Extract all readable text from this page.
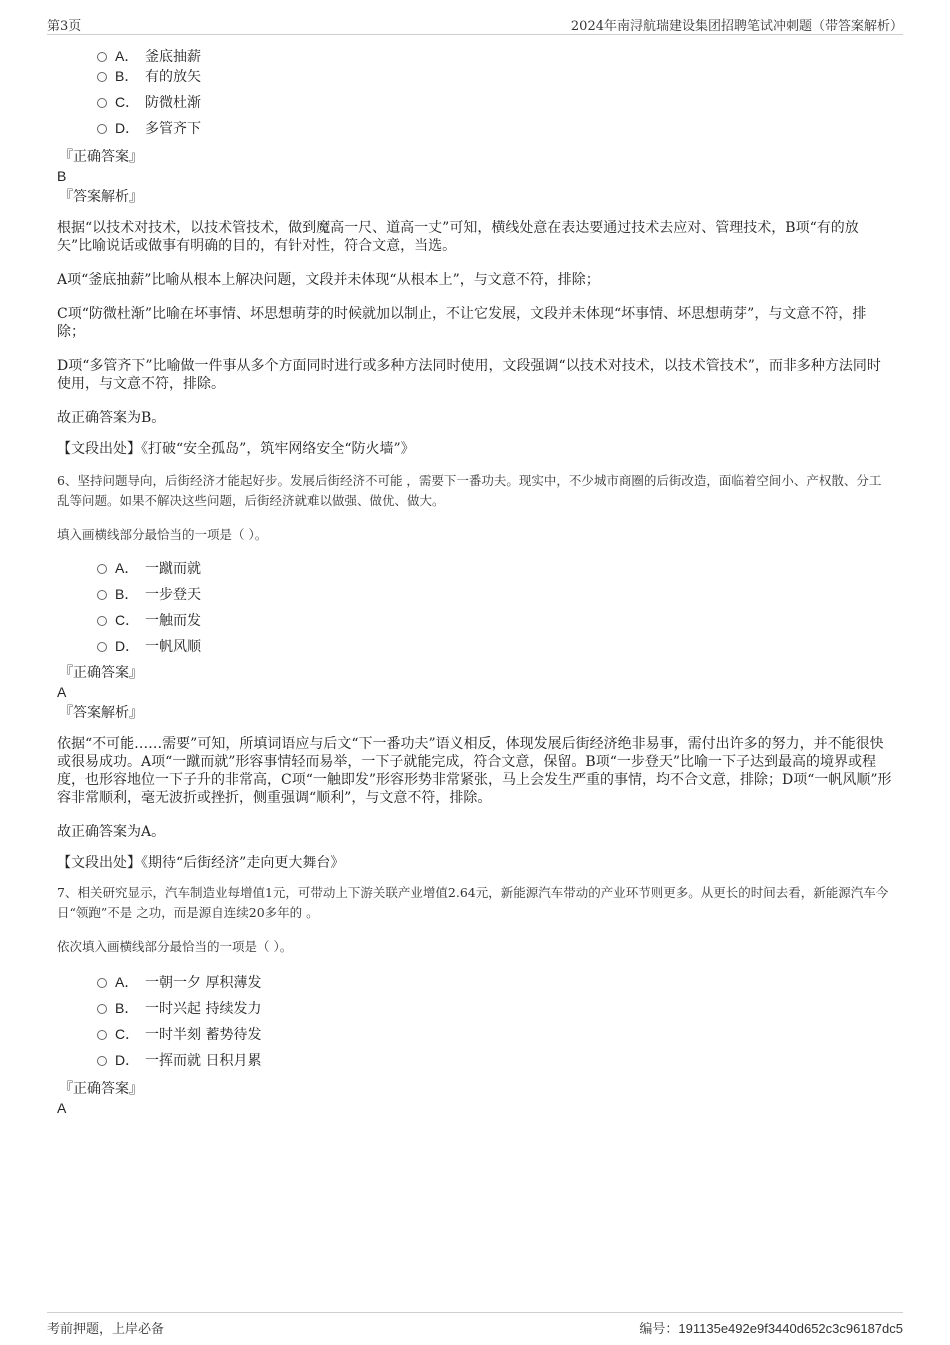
第3页	2024年南浔航瑞建设集团招聘笔试冲刺题（带答案解析）
A． 釜底抽薪
B． 有的放矢
C． 防微杜渐
D． 多管齐下
『正确答案』
B
『答案解析』

根据“以技术对技术，以技术管技术，做到魔高一尺、道高一丈”可知，横线处意在表达要通过技术去应对、管理技术，B项“有的放矢”比喻说话或做事有明确的目的，有针对性，符合文意，当选。

A项“釜底抽薪”比喻从根本上解决问题，文段并未体现“从根本上”，与文意不符，排除；

C项“防微杜渐”比喻在坏事情、坏思想萌芽的时候就加以制止，不让它发展，文段并未体现“坏事情、坏思想萌芽”，与文意不符，排除；

D项“多管齐下”比喻做一件事从多个方面同时进行或多种方法同时使用，文段强调“以技术对技术，以技术管技术”，而非多种方法同时使用，与文意不符，排除。

故正确答案为B。

【文段出处】《打破“安全孤岛”，筑牢网络安全“防火墙”》

6、坚持问题导向，后街经济才能起好步。发展后街经济不可能 ，需要下一番功夫。现实中，不少城市商圈的后街改造，面临着空间小、产权散、分工乱等问题。如果不解决这些问题，后街经济就难以做强、做优、做大。

填入画横线部分最恰当的一项是（ ）。

A． 一蹴而就
B． 一步登天
C． 一触而发
D． 一帆风顺
『正确答案』
A
『答案解析』

依据“不可能……需要”可知，所填词语应与后文“下一番功夫”语义相反，体现发展后街经济绝非易事，需付出许多的努力，并不能很快或很易成功。A项“一蹴而就”形容事情轻而易举，一下子就能完成，符合文意，保留。B项“一步登天”比喻一下子达到最高的境界或程度，也形容地位一下子升的非常高，C项“一触即发”形容形势非常紧张，马上会发生严重的事情，均不合文意，排除；D项“一帆风顺”形容非常顺利，毫无波折或挫折，侧重强调“顺利”，与文意不符，排除。

故正确答案为A。

【文段出处】《期待“后街经济”走向更大舞台》

7、相关研究显示，汽车制造业每增值1元，可带动上下游关联产业增值2.64元，新能源汽车带动的产业环节则更多。从更长的时间去看，新能源汽车今日“领跑”不是 之功，而是源自连续20多年的 。

依次填入画横线部分最恰当的一项是（ ）。

A． 一朝一夕 厚积薄发
B． 一时兴起 持续发力
C． 一时半刻 蓄势待发
D． 一挥而就 日积月累
『正确答案』
A
考前押题，上岸必备	编号：191135e492e9f3440d652c3c96187dc5
